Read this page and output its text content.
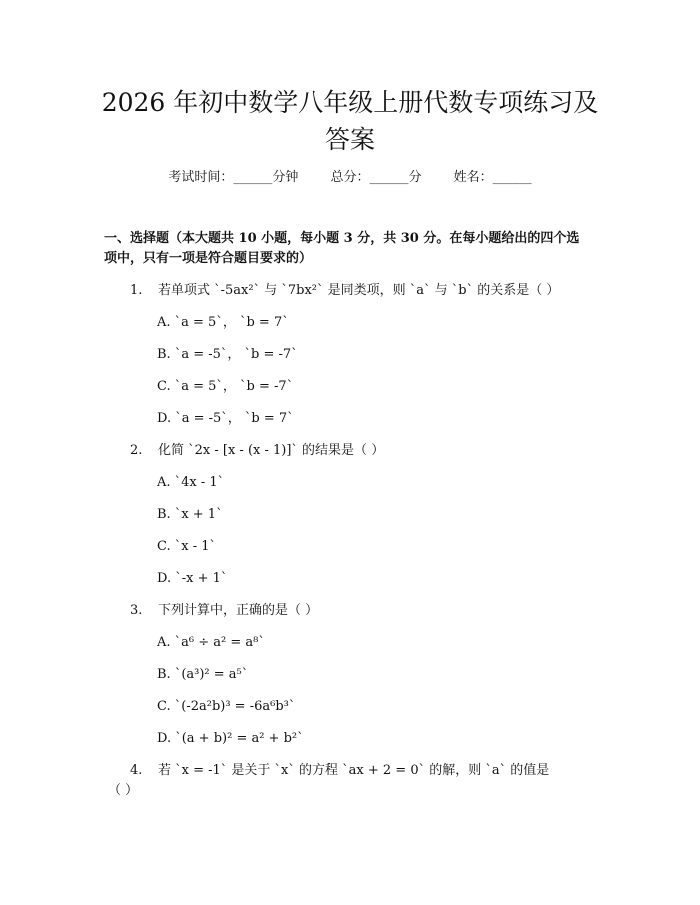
2026 年初中数学八年级上册代数专项练习及
答案
考试时间：______分钟 总分：______分 姓名：______
一、选择题（本大题共 10 小题，每小题 3 分，共 30 分。在每小题给出的四个选
项中，只有一项是符合题目要求的）
1. 若单项式 `-5ax²` 与 `7bx²` 是同类项，则 `a` 与 `b` 的关系是（ ）
A. `a = 5`， `b = 7`
B. `a = -5`， `b = -7`
C. `a = 5`， `b = -7`
D. `a = -5`， `b = 7`
2. 化简 `2x - [x - (x - 1)]` 的结果是（ ）
A. `4x - 1`
B. `x + 1`
C. `x - 1`
D. `-x + 1`
3. 下列计算中，正确的是（ ）
A. `a⁶ ÷ a² = a⁸`
B. `(a³)² = a⁵`
C. `(-2a²b)³ = -6a⁶b³`
D. `(a + b)² = a² + b²`
4. 若 `x = -1` 是关于 `x` 的方程 `ax + 2 = 0` 的解，则 `a` 的值是
（ ）
